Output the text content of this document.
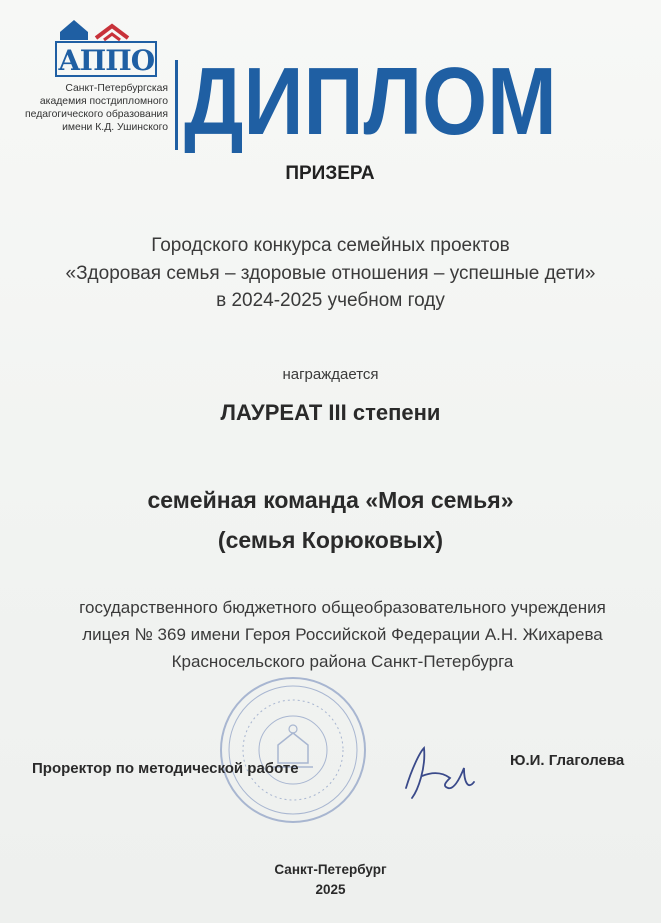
АППО
Санкт-Петербургская
академия постдипломного
педагогического образования
имени К.Д. Ушинского ДИПЛОМ
ПРИЗЕРА
Городского конкурса семейных проектов
«Здоровая семья – здоровые отношения – успешные дети»
в 2024-2025 учебном году
награждается
ЛАУРЕАТ III степени
семейная команда «Моя семья»
(семья Корюковых)
государственного бюджетного общеобразовательного учреждения
лицея № 369 имени Героя Российской Федерации А.Н. Жихарева
Красносельского района Санкт-Петербурга
Проректор по методической работе	Ю.И. Глаголева
Санкт-Петербург
2025
